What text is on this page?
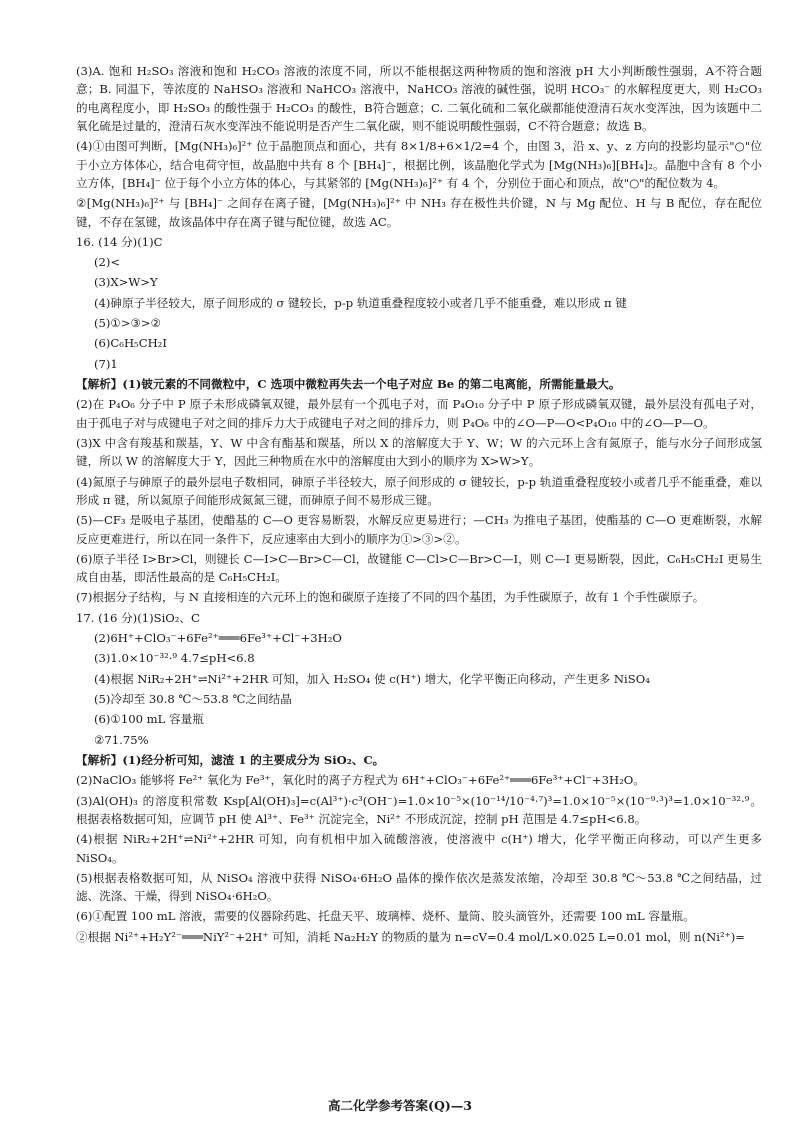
(3)A. 饱和 H₂SO₃ 溶液和饱和 H₂CO₃ 溶液的浓度不同，所以不能根据这两种物质的饱和溶液 pH 大小判断酸性强弱，A不符合题意；B. 同温下，等浓度的 NaHSO₃ 溶液和 NaHCO₃ 溶液中，NaHCO₃ 溶液的碱性强，说明 HCO₃⁻ 的水解程度更大，则 H₂CO₃ 的电离程度小，即 H₂SO₃ 的酸性强于 H₂CO₃ 的酸性，B符合题意；C. 二氧化硫和二氧化碳都能使澄清石灰水变浑浊，因为该题中二氧化硫是过量的，澄清石灰水变浑浊不能说明是否产生二氧化碳，则不能说明酸性强弱，C不符合题意；故选 B。

(4)①由图可判断，[Mg(NH₃)₆]²⁺ 位于晶胞顶点和面心，共有 8×1/8+6×1/2=4 个，由图 3，沿 x、y、z 方向的投影均显示"○"位于小立方体体心，结合电荷守恒，故晶胞中共有 8 个 [BH₄]⁻，根据比例，该晶胞化学式为 [Mg(NH₃)₆][BH₄]₂。晶胞中含有 8 个小立方体，[BH₄]⁻ 位于每个小立方体的体心，与其紧邻的 [Mg(NH₃)₆]²⁺ 有 4 个，分别位于面心和顶点，故"○"的配位数为 4。

②[Mg(NH₃)₆]²⁺ 与 [BH₄]⁻ 之间存在离子键，[Mg(NH₃)₆]²⁺ 中 NH₃ 存在极性共价键，N 与 Mg 配位、H 与 B 配位，存在配位键，不存在氢键，故该晶体中存在离子键与配位键，故选 AC。

16. (14 分)(1)C

(2)<

(3)X>W>Y

(4)砷原子半径较大，原子间形成的 σ 键较长，p-p 轨道重叠程度较小或者几乎不能重叠，难以形成 π 键

(5)①>③>②

(6)C₆H₅CH₂I

(7)1

【解析】(1)铍元素的不同微粒中，C 选项中微粒再失去一个电子对应 Be 的第二电离能，所需能量最大。

(2)在 P₄O₆ 分子中 P 原子未形成磷氧双键，最外层有一个孤电子对，而 P₄O₁₀ 分子中 P 原子形成磷氧双键，最外层没有孤电子对，由于孤电子对与成键电子对之间的排斥力大于成键电子对之间的排斥力，则 P₄O₆ 中的∠O—P—O<P₄O₁₀ 中的∠O—P—O。

(3)X 中含有羧基和羰基，Y、W 中含有酯基和羰基，所以 X 的溶解度大于 Y、W；W 的六元环上含有氮原子，能与水分子间形成氢键，所以 W 的溶解度大于 Y，因此三种物质在水中的溶解度由大到小的顺序为 X>W>Y。

(4)氮原子与砷原子的最外层电子数相同，砷原子半径较大，原子间形成的 σ 键较长，p-p 轨道重叠程度较小或者几乎不能重叠，难以形成 π 键，所以氮原子间能形成氮氮三键，而砷原子间不易形成三键。

(5)—CF₃ 是吸电子基团，使醋基的 C—O 更容易断裂，水解反应更易进行；—CH₃ 为推电子基团，使酯基的 C—O 更难断裂，水解反应更难进行，所以在同一条件下，反应速率由大到小的顺序为①>③>②。

(6)原子半径 I>Br>Cl，则键长 C—I>C—Br>C—Cl，故键能 C—Cl>C—Br>C—I，则 C—I 更易断裂，因此，C₆H₅CH₂I 更易生成自由基，即活性最高的是 C₆H₅CH₂I。

(7)根据分子结构，与 N 直接相连的六元环上的饱和碳原子连接了不同的四个基团，为手性碳原子，故有 1 个手性碳原子。

17. (16 分)(1)SiO₂、C

(2)6H⁺+ClO₃⁻+6Fe²⁺═══6Fe³⁺+Cl⁻+3H₂O

(3)1.0×10⁻³²·⁹ 4.7≤pH<6.8

(4)根据 NiR₂+2H⁺⇌Ni²⁺+2HR 可知，加入 H₂SO₄ 使 c(H⁺) 增大，化学平衡正向移动，产生更多 NiSO₄

(5)冷却至 30.8 ℃～53.8 ℃之间结晶

(6)①100 mL 容量瓶

②71.75%

【解析】(1)经分析可知，滤渣 1 的主要成分为 SiO₂、C。

(2)NaClO₃ 能够将 Fe²⁺ 氧化为 Fe³⁺，氧化时的离子方程式为 6H⁺+ClO₃⁻+6Fe²⁺═══6Fe³⁺+Cl⁻+3H₂O。

(3)Al(OH)₃ 的溶度积常数 Ksp[Al(OH)₃]=c(Al³⁺)·c³(OH⁻)=1.0×10⁻⁵×(10⁻¹⁴/10⁻⁴·⁷)³=1.0×10⁻⁵×(10⁻⁹·³)³=1.0×10⁻³²·⁹。根据表格数据可知，应调节 pH 使 Al³⁺、Fe³⁺ 沉淀完全，Ni²⁺ 不形成沉淀，控制 pH 范围是 4.7≤pH<6.8。

(4)根据 NiR₂+2H⁺⇌Ni²⁺+2HR 可知，向有机相中加入硫酸溶液，使溶液中 c(H⁺) 增大，化学平衡正向移动，可以产生更多 NiSO₄。

(5)根据表格数据可知，从 NiSO₄ 溶液中获得 NiSO₄·6H₂O 晶体的操作依次是蒸发浓缩，冷却至 30.8 ℃～53.8 ℃之间结晶，过滤、洗涤、干燥，得到 NiSO₄·6H₂O。

(6)①配置 100 mL 溶液，需要的仪器除药匙、托盘天平、玻璃棒、烧杯、量筒、胶头滴管外，还需要 100 mL 容量瓶。

②根据 Ni²⁺+H₂Y²⁻═══NiY²⁻+2H⁺ 可知，消耗 Na₂H₂Y 的物质的量为 n=cV=0.4 mol/L×0.025 L=0.01 mol，则 n(Ni²⁺)=

高二化学参考答案(Q)—3
